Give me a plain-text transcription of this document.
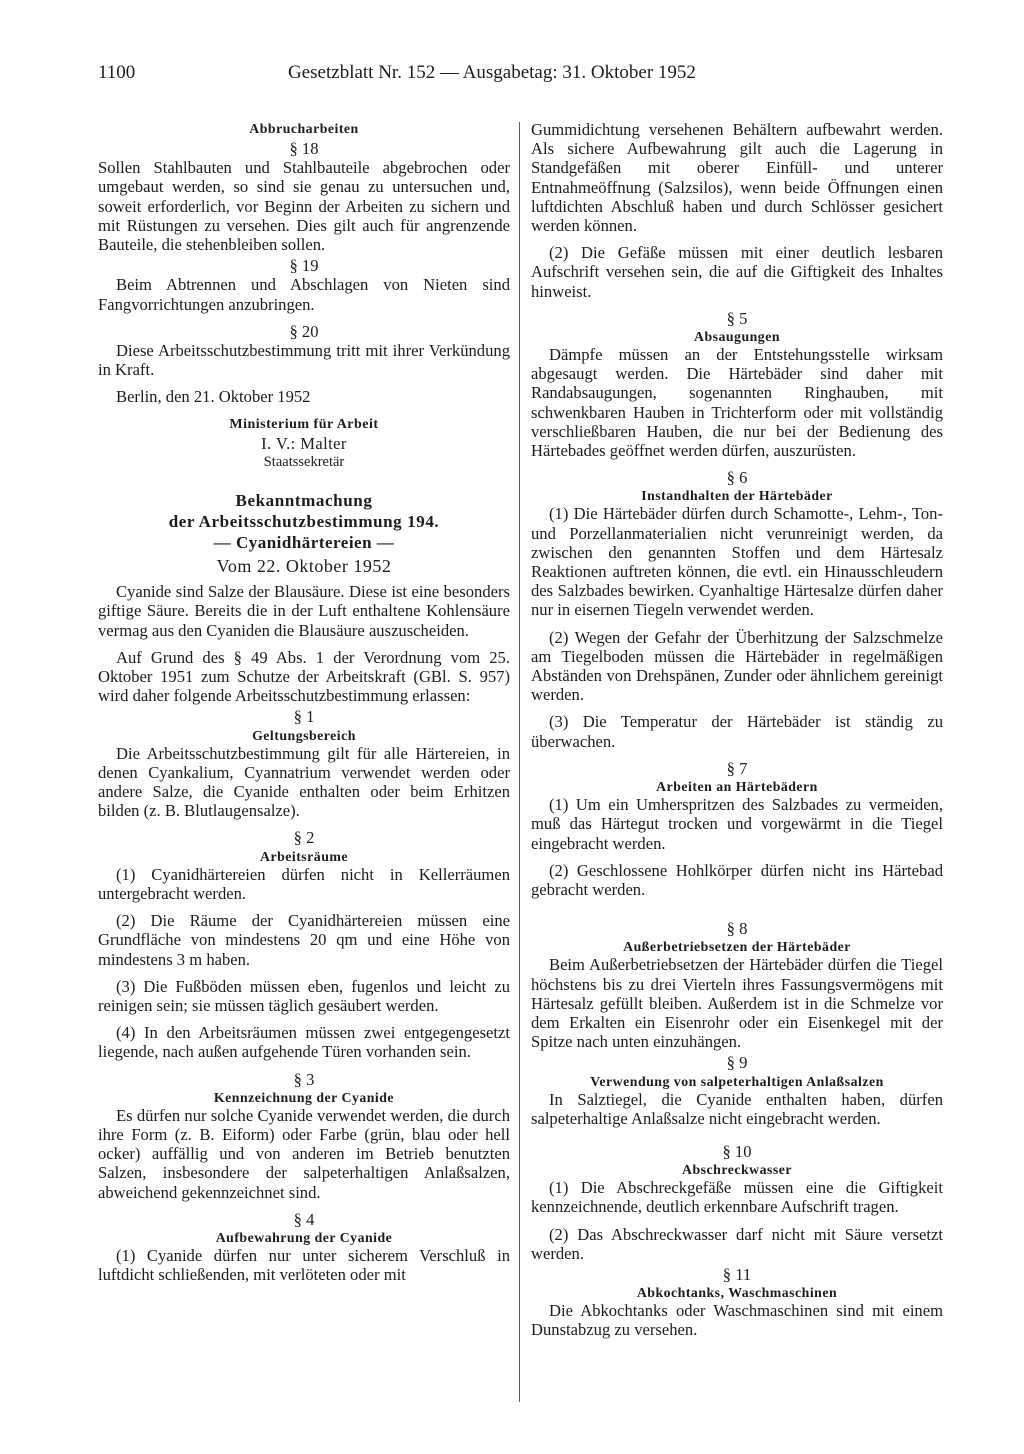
1100	Gesetzblatt Nr. 152 — Ausgabetag: 31. Oktober 1952
Abbrucharbeiten
§ 18

Sollen Stahlbauten und Stahlbauteile abgebrochen oder umgebaut werden, so sind sie genau zu untersuchen und, soweit erforderlich, vor Beginn der Arbeiten zu sichern und mit Rüstungen zu versehen. Dies gilt auch für angrenzende Bauteile, die stehenbleiben sollen.

§ 19

Beim Abtrennen und Abschlagen von Nieten sind Fangvorrichtungen anzubringen.

§ 20

Diese Arbeitsschutzbestimmung tritt mit ihrer Verkündung in Kraft.

Berlin, den 21. Oktober 1952

Ministerium für Arbeit
I. V.: Malter
Staatssekretär
Bekanntmachung
der Arbeitsschutzbestimmung 194.
— Cyanidhärtereien —
Vom 22. Oktober 1952

Cyanide sind Salze der Blausäure. Diese ist eine besonders giftige Säure. Bereits die in der Luft enthaltene Kohlensäure vermag aus den Cyaniden die Blausäure auszuscheiden.

Auf Grund des § 49 Abs. 1 der Verordnung vom 25. Oktober 1951 zum Schutze der Arbeitskraft (GBl. S. 957) wird daher folgende Arbeitsschutzbestimmung erlassen:

§ 1
Geltungsbereich

Die Arbeitsschutzbestimmung gilt für alle Härtereien, in denen Cyankalium, Cyannatrium verwendet werden oder andere Salze, die Cyanide enthalten oder beim Erhitzen bilden (z. B. Blutlaugensalze).

§ 2
Arbeitsräume

(1) Cyanidhärtereien dürfen nicht in Kellerräumen untergebracht werden.

(2) Die Räume der Cyanidhärtereien müssen eine Grundfläche von mindestens 20 qm und eine Höhe von mindestens 3 m haben.

(3) Die Fußböden müssen eben, fugenlos und leicht zu reinigen sein; sie müssen täglich gesäubert werden.

(4) In den Arbeitsräumen müssen zwei entgegengesetzt liegende, nach außen aufgehende Türen vorhanden sein.

§ 3
Kennzeichnung der Cyanide

Es dürfen nur solche Cyanide verwendet werden, die durch ihre Form (z. B. Eiform) oder Farbe (grün, blau oder hell ocker) auffällig und von anderen im Betrieb benutzten Salzen, insbesondere der salpeterhaltigen Anlaßsalzen, abweichend gekennzeichnet sind.

§ 4
Aufbewahrung der Cyanide

(1) Cyanide dürfen nur unter sicherem Verschluß in luftdicht schließenden, mit verlöteten oder mit

Gummidichtung versehenen Behältern aufbewahrt werden. Als sichere Aufbewahrung gilt auch die Lagerung in Standgefäßen mit oberer Einfüll- und unterer Entnahmeöffnung (Salzsilos), wenn beide Öffnungen einen luftdichten Abschluß haben und durch Schlösser gesichert werden können.

(2) Die Gefäße müssen mit einer deutlich lesbaren Aufschrift versehen sein, die auf die Giftigkeit des Inhaltes hinweist.

§ 5
Absaugungen

Dämpfe müssen an der Entstehungsstelle wirksam abgesaugt werden. Die Härtebäder sind daher mit Randabsaugungen, sogenannten Ringhauben, mit schwenkbaren Hauben in Trichterform oder mit vollständig verschließbaren Hauben, die nur bei der Bedienung des Härtebades geöffnet werden dürfen, auszurüsten.

§ 6
Instandhalten der Härtebäder

(1) Die Härtebäder dürfen durch Schamotte-, Lehm-, Ton- und Porzellanmaterialien nicht verunreinigt werden, da zwischen den genannten Stoffen und dem Härtesalz Reaktionen auftreten können, die evtl. ein Hinausschleudern des Salzbades bewirken. Cyanhaltige Härtesalze dürfen daher nur in eisernen Tiegeln verwendet werden.

(2) Wegen der Gefahr der Überhitzung der Salzschmelze am Tiegelboden müssen die Härtebäder in regelmäßigen Abständen von Drehspänen, Zunder oder ähnlichem gereinigt werden.

(3) Die Temperatur der Härtebäder ist ständig zu überwachen.

§ 7
Arbeiten an Härtebädern

(1) Um ein Umherspritzen des Salzbades zu vermeiden, muß das Härtegut trocken und vorgewärmt in die Tiegel eingebracht werden.

(2) Geschlossene Hohlkörper dürfen nicht ins Härtebad gebracht werden.

§ 8
Außerbetriebsetzen der Härtebäder

Beim Außerbetriebsetzen der Härtebäder dürfen die Tiegel höchstens bis zu drei Vierteln ihres Fassungsvermögens mit Härtesalz gefüllt bleiben. Außerdem ist in die Schmelze vor dem Erkalten ein Eisenrohr oder ein Eisenkegel mit der Spitze nach unten einzuhängen.

§ 9
Verwendung von salpeterhaltigen Anlaßsalzen

In Salztiegel, die Cyanide enthalten haben, dürfen salpeterhaltige Anlaßsalze nicht eingebracht werden.

§ 10
Abschreckwasser

(1) Die Abschreckgefäße müssen eine die Giftigkeit kennzeichnende, deutlich erkennbare Aufschrift tragen.

(2) Das Abschreckwasser darf nicht mit Säure versetzt werden.

§ 11
Abkochtanks, Waschmaschinen

Die Abkochtanks oder Waschmaschinen sind mit einem Dunstabzug zu versehen.
